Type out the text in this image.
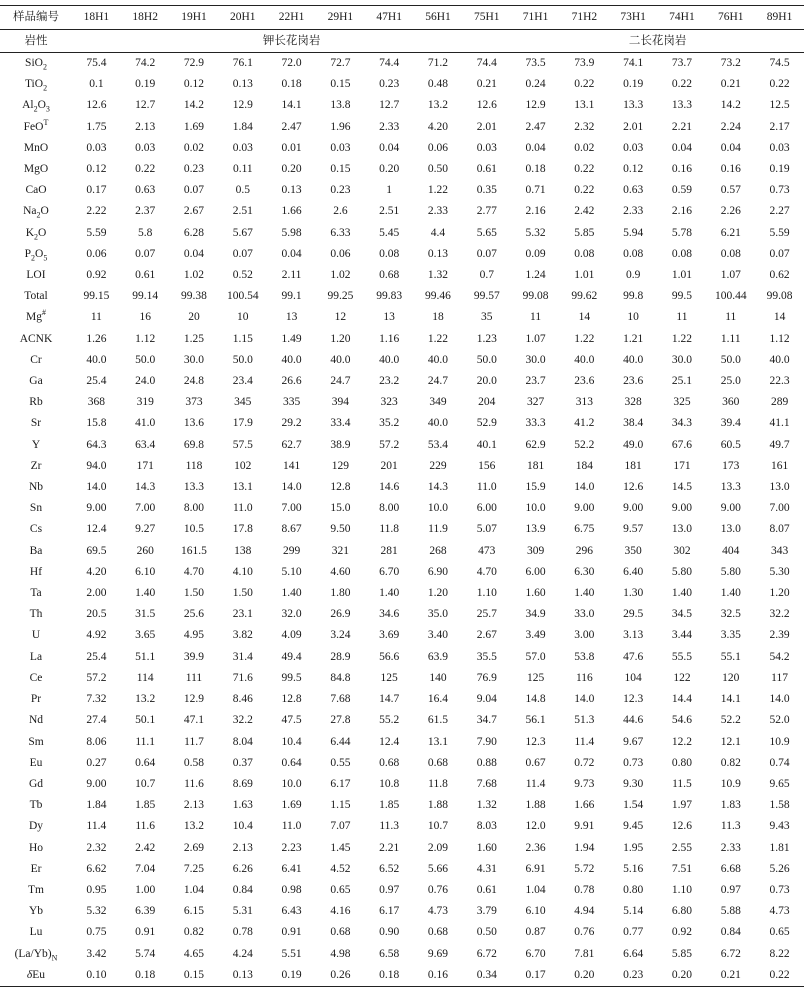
样品编号	18H1	18H2	19H1	20H1	22H1	29H1	47H1	56H1	75H1	71H1	71H2	73H1	74H1	76H1	89H1
岩性	钾长花岗岩									二长花岗岩					
SiO$_2$	75.4	74.2	72.9	76.1	72.0	72.7	74.4	71.2	74.4	73.5	73.9	74.1	73.7	73.2	74.5
TiO$_2$	0.1	0.19	0.12	0.13	0.18	0.15	0.23	0.48	0.21	0.24	0.22	0.19	0.22	0.21	0.22
$Al_2O_3$	12.6	12.7	14.2	12.9	14.1	13.8	12.7	13.2	12.6	12.9	13.1	13.3	13.3	14.2	12.5
FeO$^T$	1.75	2.13	1.69	1.84	2.47	1.96	2.33	4.20	2.01	2.47	2.32	2.01	2.21	2.24	2.17
MnO	0.03	0.03	0.02	0.03	0.01	0.03	0.04	0.06	0.03	0.04	0.02	0.03	0.04	0.04	0.03
MgO	0.12	0.22	0.23	0.11	0.20	0.15	0.20	0.50	0.61	0.18	0.22	0.12	0.16	0.16	0.19
CaO	0.17	0.63	0.07	0.5	0.13	0.23	1	1.22	0.35	0.71	0.22	0.63	0.59	0.57	0.73
$Na_2O$	2.22	2.37	2.67	2.51	1.66	2.6	2.51	2.33	2.77	2.16	2.42	2.33	2.16	2.26	2.27
$K_2O$	5.59	5.8	6.28	5.67	5.98	6.33	5.45	4.4	5.65	5.32	5.85	5.94	5.78	6.21	5.59
$P_2O_5$	0.06	0.07	0.04	0.07	0.04	0.06	0.08	0.13	0.07	0.09	0.08	0.08	0.08	0.08	0.07
LOI	0.92	0.61	1.02	0.52	2.11	1.02	0.68	1.32	0.7	1.24	1.01	0.9	1.01	1.07	0.62
Total	99.15	99.14	99.38	100.54	99.1	99.25	99.83	99.46	99.57	99.08	99.62	99.8	99.5	100.44	99.08
Mg#	11	16	20	10	13	12	13	18	35	11	14	10	11	11	14
ACNK	1.26	1.12	1.25	1.15	1.49	1.20	1.16	1.22	1.23	1.07	1.22	1.21	1.22	1.11	1.12
Cr	40.0	50.0	30.0	50.0	40.0	40.0	40.0	40.0	50.0	30.0	40.0	40.0	30.0	50.0	40.0
Ga	25.4	24.0	24.8	23.4	26.6	24.7	23.2	24.7	20.0	23.7	23.6	23.6	25.1	25.0	22.3
Rb	368	319	373	345	335	394	323	349	204	327	313	328	325	360	289
Sr	15.8	41.0	13.6	17.9	29.2	33.4	35.2	40.0	52.9	33.3	41.2	38.4	34.3	39.4	41.1
Y	64.3	63.4	69.8	57.5	62.7	38.9	57.2	53.4	40.1	62.9	52.2	49.0	67.6	60.5	49.7
Zr	94.0	171	118	102	141	129	201	229	156	181	184	181	171	173	161
Nb	14.0	14.3	13.3	13.1	14.0	12.8	14.6	14.3	11.0	15.9	14.0	12.6	14.5	13.3	13.0
Sn	9.00	7.00	8.00	11.0	7.00	15.0	8.00	10.0	6.00	10.0	9.00	9.00	9.00	9.00	7.00
Cs	12.4	9.27	10.5	17.8	8.67	9.50	11.8	11.9	5.07	13.9	6.75	9.57	13.0	13.0	8.07
Ba	69.5	260	161.5	138	299	321	281	268	473	309	296	350	302	404	343
Hf	4.20	6.10	4.70	4.10	5.10	4.60	6.70	6.90	4.70	6.00	6.30	6.40	5.80	5.80	5.30
Ta	2.00	1.40	1.50	1.50	1.40	1.80	1.40	1.20	1.10	1.60	1.40	1.30	1.40	1.40	1.20
Th	20.5	31.5	25.6	23.1	32.0	26.9	34.6	35.0	25.7	34.9	33.0	29.5	34.5	32.5	32.2
U	4.92	3.65	4.95	3.82	4.09	3.24	3.69	3.40	2.67	3.49	3.00	3.13	3.44	3.35	2.39
La	25.4	51.1	39.9	31.4	49.4	28.9	56.6	63.9	35.5	57.0	53.8	47.6	55.5	55.1	54.2
Ce	57.2	114	111	71.6	99.5	84.8	125	140	76.9	125	116	104	122	120	117
Pr	7.32	13.2	12.9	8.46	12.8	7.68	14.7	16.4	9.04	14.8	14.0	12.3	14.4	14.1	14.0
Nd	27.4	50.1	47.1	32.2	47.5	27.8	55.2	61.5	34.7	56.1	51.3	44.6	54.6	52.2	52.0
Sm	8.06	11.1	11.7	8.04	10.4	6.44	12.4	13.1	7.90	12.3	11.4	9.67	12.2	12.1	10.9
Eu	0.27	0.64	0.58	0.37	0.64	0.55	0.68	0.68	0.88	0.67	0.72	0.73	0.80	0.82	0.74
Gd	9.00	10.7	11.6	8.69	10.0	6.17	10.8	11.8	7.68	11.4	9.73	9.30	11.5	10.9	9.65
Tb	1.84	1.85	2.13	1.63	1.69	1.15	1.85	1.88	1.32	1.88	1.66	1.54	1.97	1.83	1.58
Dy	11.4	11.6	13.2	10.4	11.0	7.07	11.3	10.7	8.03	12.0	9.91	9.45	12.6	11.3	9.43
Ho	2.32	2.42	2.69	2.13	2.23	1.45	2.21	2.09	1.60	2.36	1.94	1.95	2.55	2.33	1.81
Er	6.62	7.04	7.25	6.26	6.41	4.52	6.52	5.66	4.31	6.91	5.72	5.16	7.51	6.68	5.26
Tm	0.95	1.00	1.04	0.84	0.98	0.65	0.97	0.76	0.61	1.04	0.78	0.80	1.10	0.97	0.73
Yb	5.32	6.39	6.15	5.31	6.43	4.16	6.17	4.73	3.79	6.10	4.94	5.14	6.80	5.88	4.73
Lu	0.75	0.91	0.82	0.78	0.91	0.68	0.90	0.68	0.50	0.87	0.76	0.77	0.92	0.84	0.65
$(La/Yb)_N$	3.42	5.74	4.65	4.24	5.51	4.98	6.58	9.69	6.72	6.70	7.81	6.64	5.85	6.72	8.22
δEu	0.10	0.18	0.15	0.13	0.19	0.26	0.18	0.16	0.34	0.17	0.20	0.23	0.20	0.21	0.22
